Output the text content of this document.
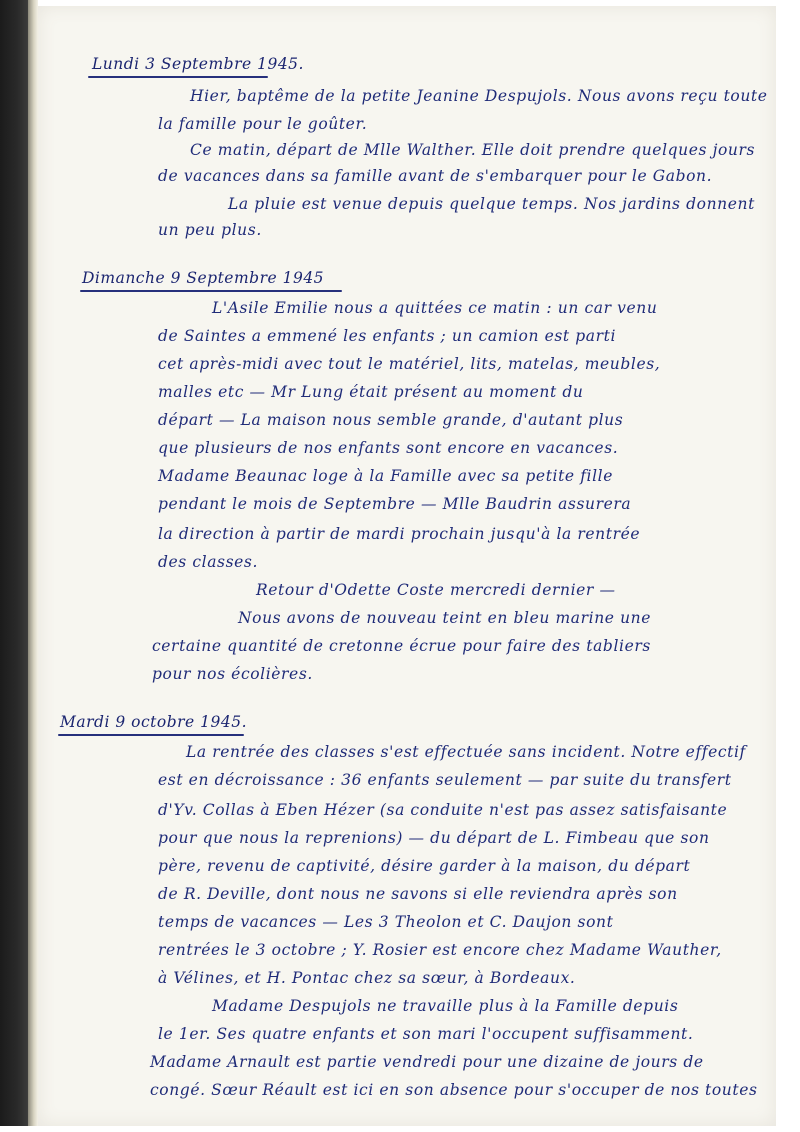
Lundi 3 Septembre 1945.
Hier, baptême de la petite Jeanine Despujols. Nous avons reçu toute
la famille pour le goûter.
Ce matin, départ de Mlle Walther. Elle doit prendre quelques jours
de vacances dans sa famille avant de s'embarquer pour le Gabon.
La pluie est venue depuis quelque temps. Nos jardins donnent
un peu plus.
Dimanche 9 Septembre 1945
L'Asile Emilie nous a quittées ce matin : un car venu
de Saintes a emmené les enfants ; un camion est parti
cet après-midi avec tout le matériel, lits, matelas, meubles,
malles etc — Mr Lung était présent au moment du
départ — La maison nous semble grande, d'autant plus
que plusieurs de nos enfants sont encore en vacances.
Madame Beaunac loge à la Famille avec sa petite fille
pendant le mois de Septembre — Mlle Baudrin assurera
la direction à partir de mardi prochain jusqu'à la rentrée
des classes.
Retour d'Odette Coste mercredi dernier —
Nous avons de nouveau teint en bleu marine une
certaine quantité de cretonne écrue pour faire des tabliers
pour nos écolières.
Mardi 9 octobre 1945.
La rentrée des classes s'est effectuée sans incident. Notre effectif
est en décroissance : 36 enfants seulement — par suite du transfert
d'Yv. Collas à Eben Hézer (sa conduite n'est pas assez satisfaisante
pour que nous la reprenions) — du départ de L. Fimbeau que son
père, revenu de captivité, désire garder à la maison, du départ
de R. Deville, dont nous ne savons si elle reviendra après son
temps de vacances — Les 3 Theolon et C. Daujon sont
rentrées le 3 octobre ; Y. Rosier est encore chez Madame Wauther,
à Vélines, et H. Pontac chez sa sœur, à Bordeaux.
Madame Despujols ne travaille plus à la Famille depuis
le 1er. Ses quatre enfants et son mari l'occupent suffisamment.
Madame Arnault est partie vendredi pour une dizaine de jours de
congé. Sœur Réault est ici en son absence pour s'occuper de nos toutes
